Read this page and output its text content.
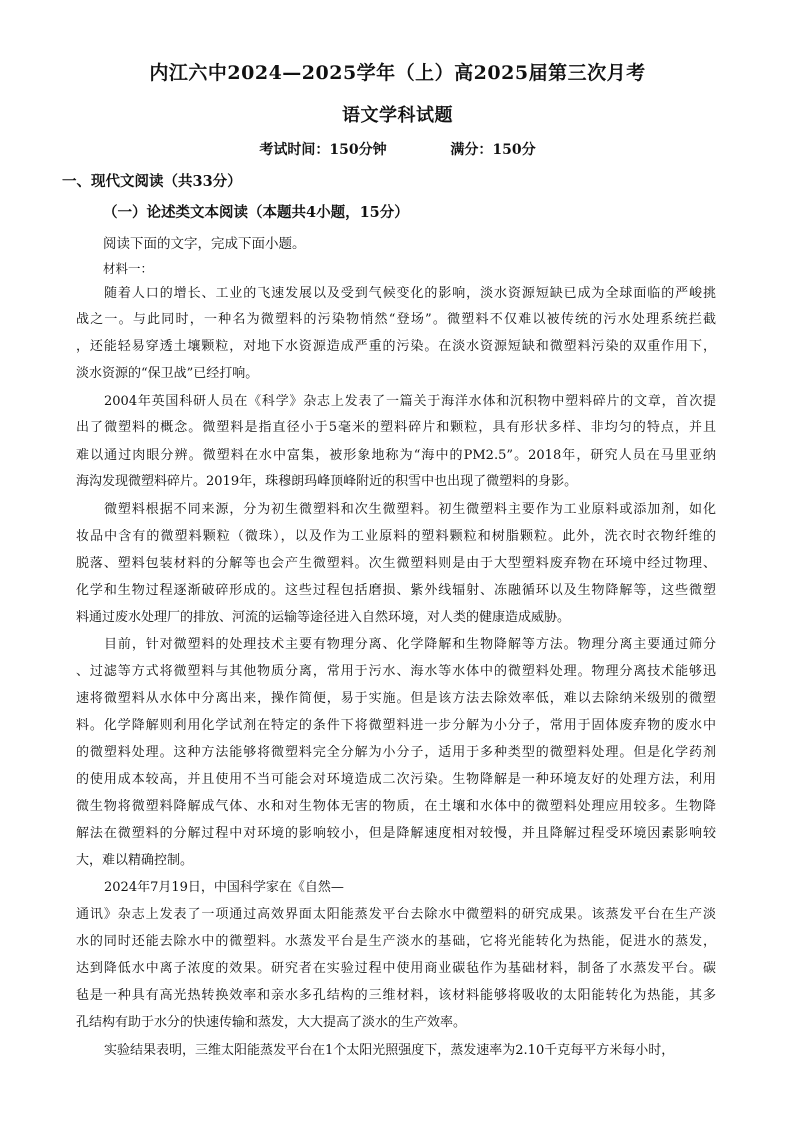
内江六中2024—2025学年（上）高2025届第三次月考
语文学科试题
考试时间：150分钟	满分：150分
一、现代文阅读（共33分）
（一）论述类文本阅读（本题共4小题，15分）
阅读下面的文字，完成下面小题。
材料一：
随着人口的增长、工业的飞速发展以及受到气候变化的影响，淡水资源短缺已成为全球面临的严峻挑
战之一。与此同时，一种名为微塑料的污染物悄然“登场”。微塑料不仅难以被传统的污水处理系统拦截
，还能轻易穿透土壤颗粒，对地下水资源造成严重的污染。在淡水资源短缺和微塑料污染的双重作用下，
淡水资源的“保卫战”已经打响。
2004年英国科研人员在《科学》杂志上发表了一篇关于海洋水体和沉积物中塑料碎片的文章，首次提
出了微塑料的概念。微塑料是指直径小于5毫米的塑料碎片和颗粒，具有形状多样、非均匀的特点，并且
难以通过肉眼分辨。微塑料在水中富集，被形象地称为“海中的PM2.5”。2018年，研究人员在马里亚纳
海沟发现微塑料碎片。2019年，珠穆朗玛峰顶峰附近的积雪中也出现了微塑料的身影。
微塑料根据不同来源，分为初生微塑料和次生微塑料。初生微塑料主要作为工业原料或添加剂，如化
妆品中含有的微塑料颗粒（微珠），以及作为工业原料的塑料颗粒和树脂颗粒。此外，洗衣时衣物纤维的
脱落、塑料包装材料的分解等也会产生微塑料。次生微塑料则是由于大型塑料废弃物在环境中经过物理、
化学和生物过程逐渐破碎形成的。这些过程包括磨损、紫外线辐射、冻融循环以及生物降解等，这些微塑
料通过废水处理厂的排放、河流的运输等途径进入自然环境，对人类的健康造成威胁。
目前，针对微塑料的处理技术主要有物理分离、化学降解和生物降解等方法。物理分离主要通过筛分
、过滤等方式将微塑料与其他物质分离，常用于污水、海水等水体中的微塑料处理。物理分离技术能够迅
速将微塑料从水体中分离出来，操作简便，易于实施。但是该方法去除效率低，难以去除纳米级别的微塑
料。化学降解则利用化学试剂在特定的条件下将微塑料进一步分解为小分子，常用于固体废弃物的废水中
的微塑料处理。这种方法能够将微塑料完全分解为小分子，适用于多种类型的微塑料处理。但是化学药剂
的使用成本较高，并且使用不当可能会对环境造成二次污染。生物降解是一种环境友好的处理方法，利用
微生物将微塑料降解成气体、水和对生物体无害的物质，在土壤和水体中的微塑料处理应用较多。生物降
解法在微塑料的分解过程中对环境的影响较小，但是降解速度相对较慢，并且降解过程受环境因素影响较
大，难以精确控制。
2024年7月19日，中国科学家在《自然—
通讯》杂志上发表了一项通过高效界面太阳能蒸发平台去除水中微塑料的研究成果。该蒸发平台在生产淡
水的同时还能去除水中的微塑料。水蒸发平台是生产淡水的基础，它将光能转化为热能，促进水的蒸发，
达到降低水中离子浓度的效果。研究者在实验过程中使用商业碳毡作为基础材料，制备了水蒸发平台。碳
毡是一种具有高光热转换效率和亲水多孔结构的三维材料，该材料能够将吸收的太阳能转化为热能，其多
孔结构有助于水分的快速传输和蒸发，大大提高了淡水的生产效率。
实验结果表明，三维太阳能蒸发平台在1个太阳光照强度下，蒸发速率为2.10千克每平方米每小时，
